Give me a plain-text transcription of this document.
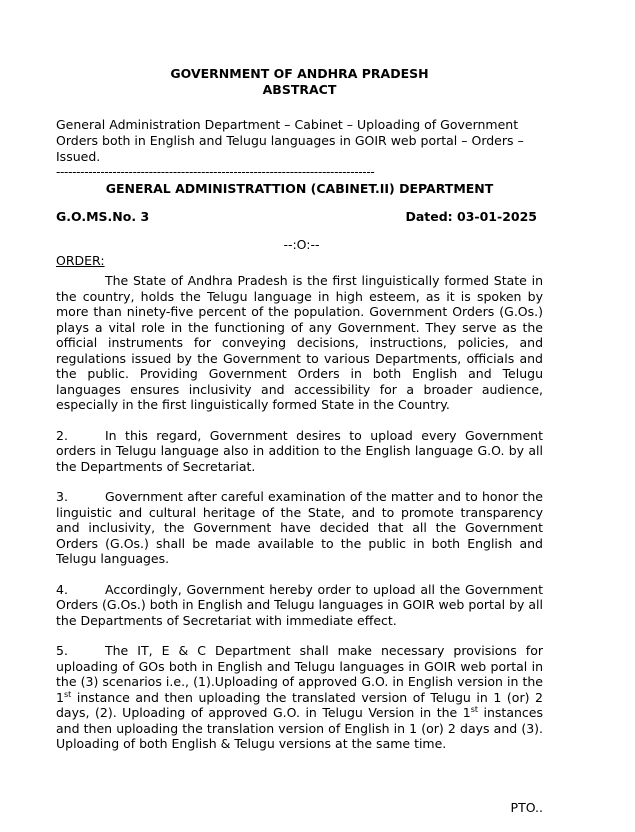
GOVERNMENT OF ANDHRA PRADESH

ABSTRACT

General Administration Department – Cabinet – Uploading of Government Orders both in English and Telugu languages in GOIR web portal – Orders – Issued.
-------------------------------------------------------------------------------
GENERAL ADMINISTRATTION (CABINET.II) DEPARTMENT
G.O.MS.No. 3	Dated: 03-01-2025
--:O:--
ORDER:

The State of Andhra Pradesh is the first linguistically formed State in the country, holds the Telugu language in high esteem, as it is spoken by more than ninety-five percent of the population. Government Orders (G.Os.) plays a vital role in the functioning of any Government. They serve as the official instruments for conveying decisions, instructions, policies, and regulations issued by the Government to various Departments, officials and the public. Providing Government Orders in both English and Telugu languages ensures inclusivity and accessibility for a broader audience, especially in the first linguistically formed State in the Country.

2.	In this regard, Government desires to upload every Government orders in Telugu language also in addition to the English language G.O. by all the Departments of Secretariat.

3.	Government after careful examination of the matter and to honor the linguistic and cultural heritage of the State, and to promote transparency and inclusivity, the Government have decided that all the Government Orders (G.Os.) shall be made available to the public in both English and Telugu languages.

4.	Accordingly, Government hereby order to upload all the Government Orders (G.Os.) both in English and Telugu languages in GOIR web portal by all the Departments of Secretariat with immediate effect.

5.	The IT, E & C Department shall make necessary provisions for uploading of GOs both in English and Telugu languages in GOIR web portal in the (3) scenarios i.e., (1).Uploading of approved G.O. in English version in the 1st instance and then uploading the translated version of Telugu in 1 (or) 2 days, (2). Uploading of approved G.O. in Telugu Version in the 1st instances and then uploading the translation version of English in 1 (or) 2 days and (3). Uploading of both English & Telugu versions at the same time.

PTO..
